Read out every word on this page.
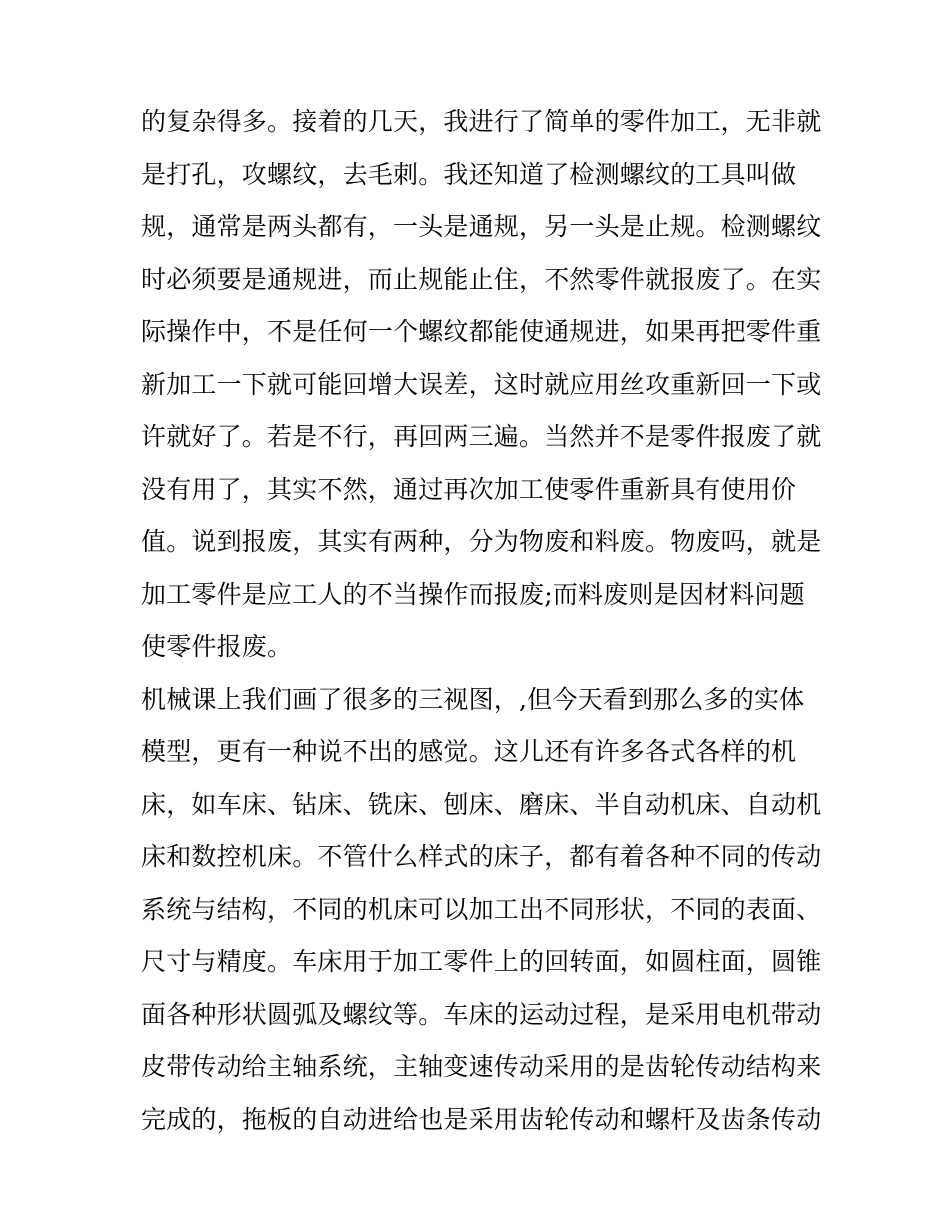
的复杂得多。接着的几天，我进行了简单的零件加工，无非就
是打孔，攻螺纹，去毛刺。我还知道了检测螺纹的工具叫做
规，通常是两头都有，一头是通规，另一头是止规。检测螺纹
时必须要是通规进，而止规能止住，不然零件就报废了。在实
际操作中，不是任何一个螺纹都能使通规进，如果再把零件重
新加工一下就可能回增大误差，这时就应用丝攻重新回一下或
许就好了。若是不行，再回两三遍。当然并不是零件报废了就
没有用了，其实不然，通过再次加工使零件重新具有使用价
值。说到报废，其实有两种，分为物废和料废。物废吗，就是
加工零件是应工人的不当操作而报废;而料废则是因材料问题
使零件报废。
机械课上我们画了很多的三视图，,但今天看到那么多的实体
模型，更有一种说不出的感觉。这儿还有许多各式各样的机
床，如车床、钻床、铣床、刨床、磨床、半自动机床、自动机
床和数控机床。不管什么样式的床子，都有着各种不同的传动
系统与结构，不同的机床可以加工出不同形状，不同的表面、
尺寸与精度。车床用于加工零件上的回转面，如圆柱面，圆锥
面各种形状圆弧及螺纹等。车床的运动过程，是采用电机带动
皮带传动给主轴系统，主轴变速传动采用的是齿轮传动结构来
完成的，拖板的自动进给也是采用齿轮传动和螺杆及齿条传动
